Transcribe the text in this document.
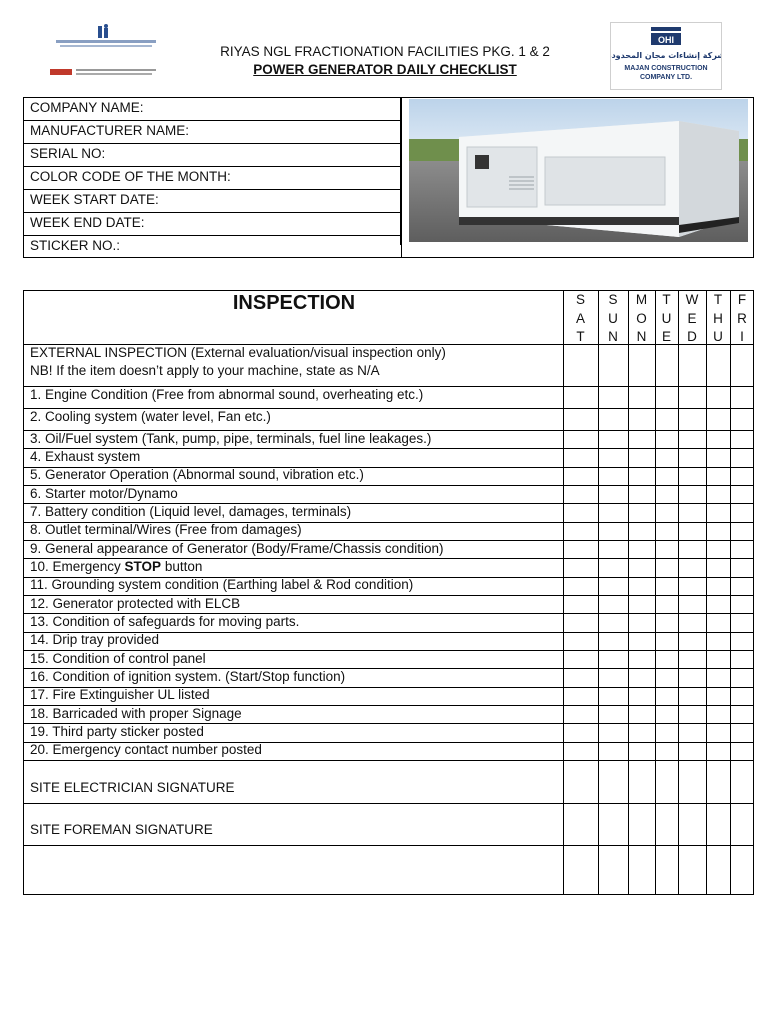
RIYAS NGL FRACTIONATION FACILITIES PKG. 1 & 2
POWER GENERATOR DAILY CHECKLIST
OHI
شركة إنشاءات مجان المحدودة
MAJAN CONSTRUCTION
COMPANY LTD.
COMPANY NAME:
MANUFACTURER NAME:
SERIAL NO:
COLOR CODE OF THE MONTH:
WEEK START DATE:
WEEK END DATE:
STICKER NO.:
INSPECTION	S
A
T
S
U
N
M
O
N
T
U
E
W
E
D
T
H
U
F
R
I
EXTERNAL INSPECTION (External evaluation/visual inspection only)
NB! If the item doesn’t apply to your machine, state as N/A
1. Engine Condition (Free from abnormal sound, overheating etc.)
2. Cooling system (water level, Fan etc.)
3. Oil/Fuel system (Tank, pump, pipe, terminals, fuel line leakages.)
4. Exhaust system
5. Generator Operation (Abnormal sound, vibration etc.)
6. Starter motor/Dynamo
7. Battery condition (Liquid level, damages, terminals)
8. Outlet terminal/Wires (Free from damages)
9. General appearance of Generator (Body/Frame/Chassis condition)
10. Emergency STOP button
11. Grounding system condition (Earthing label & Rod condition)
12. Generator protected with ELCB
13. Condition of safeguards for moving parts.
14. Drip tray provided
15. Condition of control panel
16. Condition of ignition system. (Start/Stop function)
17. Fire Extinguisher UL listed
18. Barricaded with proper Signage
19. Third party sticker posted
20. Emergency contact number posted
SITE ELECTRICIAN SIGNATURE
SITE FOREMAN SIGNATURE
